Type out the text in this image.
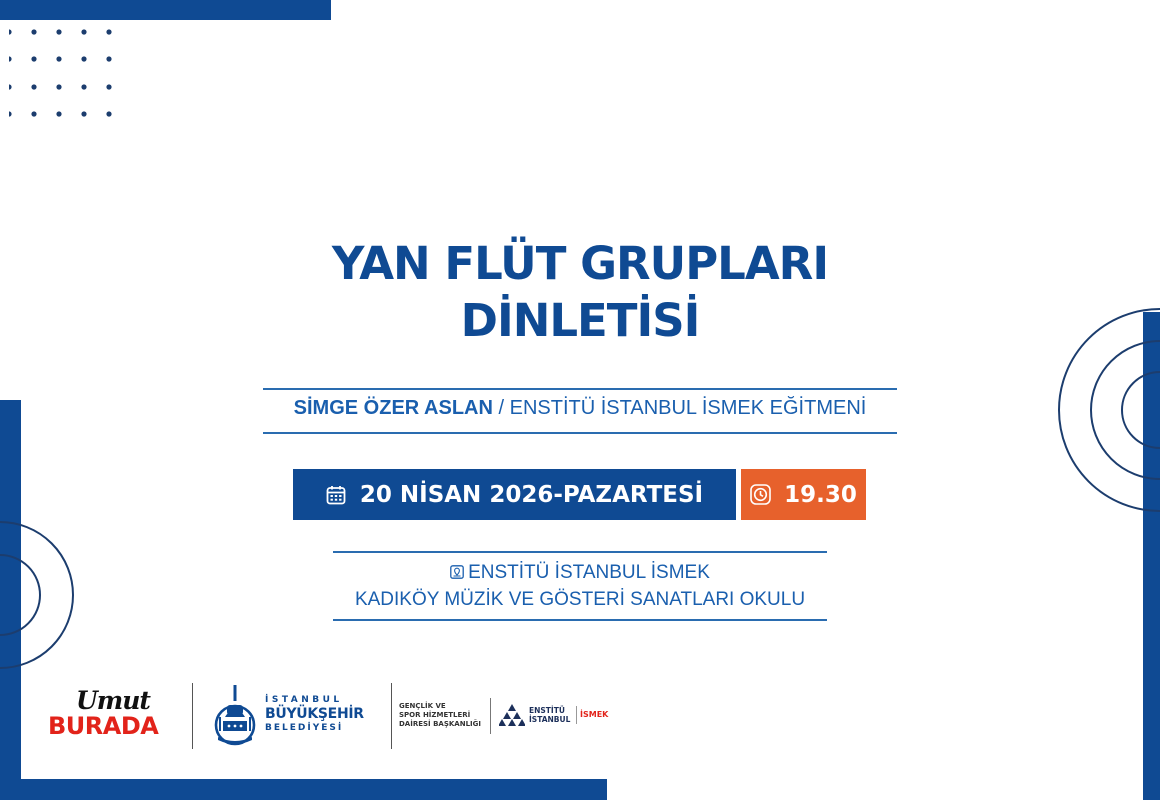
YAN FLÜT GRUPLARI
DİNLETİSİ
SİMGE ÖZER ASLAN / ENSTİTÜ İSTANBUL İSMEK EĞİTMENİ
20 NİSAN 2026-PAZARTESİ	19.30
ENSTİTÜ İSTANBUL İSMEK
KADIKÖY MÜZİK VE GÖSTERİ SANATLARI OKULU
Umut
BURADA
İSTANBUL
BÜYÜKŞEHİR
BELEDİYESİ
GENÇLİK VE
SPOR HİZMETLERİ
DAİRESİ BAŞKANLIĞI
ENSTİTÜ
İSTANBUL
İSMEK
